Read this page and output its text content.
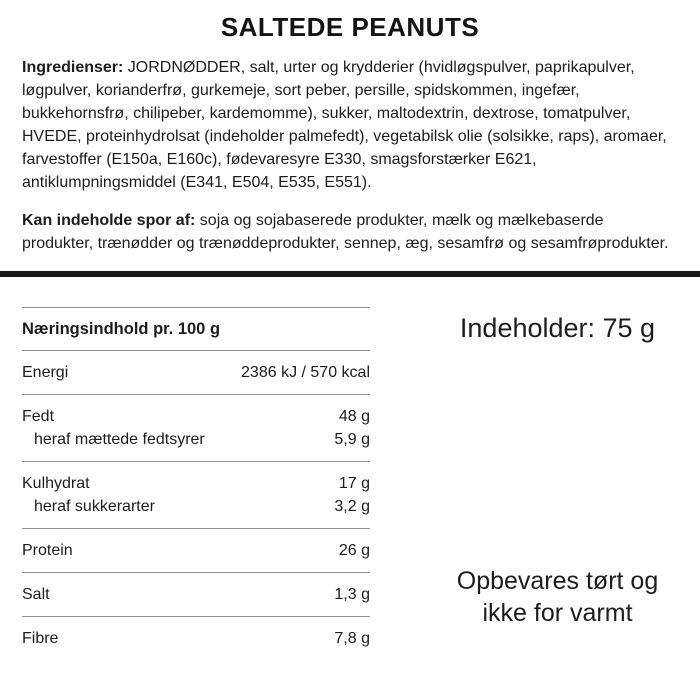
SALTEDE PEANUTS

Ingredienser: JORDNØDDER, salt, urter og krydderier (hvidløgspulver, paprikapulver, løgpulver, korianderfrø, gurkemeje, sort peber, persille, spidskommen, ingefær, bukkehornsfrø, chilipeber, kardemomme), sukker, maltodextrin, dextrose, tomatpulver, HVEDE, proteinhydrolsat (indeholder palmefedt), vegetabilsk olie (solsikke, raps), aromaer, farvestoffer (E150a, E160c), fødevaresyre E330, smagsforstærker E621, antiklumpningsmiddel (E341, E504, E535, E551).

Kan indeholde spor af: soja og sojabaserede produkter, mælk og mælkebaserde produkter, trænødder og trænøddeprodukter, sennep, æg, sesamfrø og sesamfrøprodukter.

Næringsindhold pr. 100 g
Energi	2386 kJ / 570 kcal
Fedt	48 g
heraf mættede fedtsyrer	5,9 g
Kulhydrat	17 g
heraf sukkerarter	3,2 g
Protein	26 g
Salt	1,3 g
Fibre	7,8 g
Indeholder: 75 g
Opbevares tørt og
ikke for varmt
